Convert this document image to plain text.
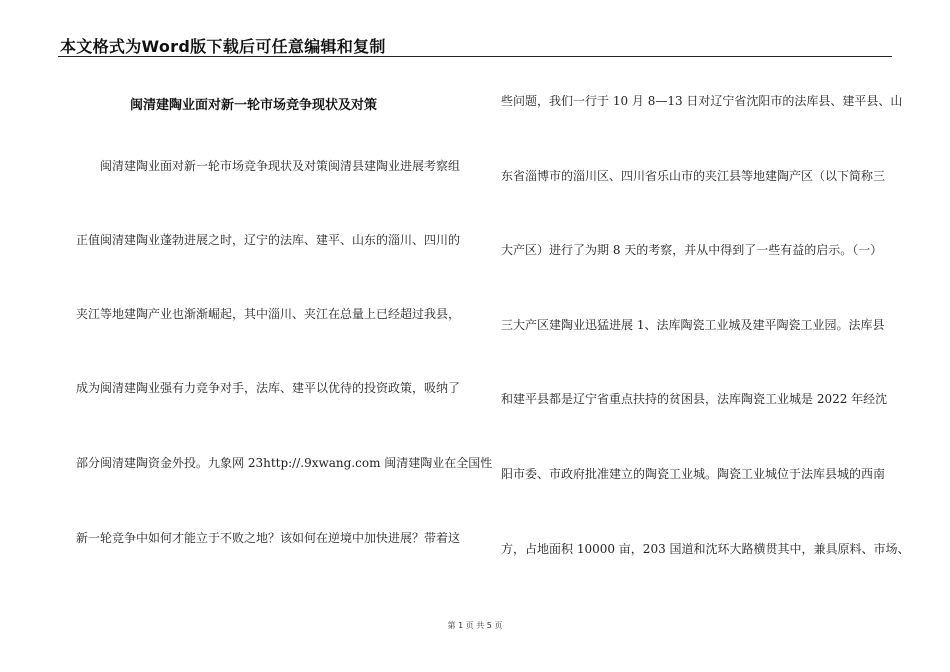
本文格式为Word版下载后可任意编辑和复制
闽清建陶业面对新一轮市场竞争现状及对策
闽清建陶业面对新一轮市场竞争现状及对策闽清县建陶业进展考察组
正值闽清建陶业蓬勃进展之时，辽宁的法库、建平、山东的淄川、四川的
夹江等地建陶产业也渐渐崛起，其中淄川、夹江在总量上已经超过我县，
成为闽清建陶业强有力竞争对手，法库、建平以优待的投资政策，吸纳了
部分闽清建陶资金外投。九象网 23http://.9xwang.com 闽清建陶业在全国性
新一轮竞争中如何才能立于不败之地？该如何在逆境中加快进展？带着这
些问题，我们一行于 10 月 8—13 日对辽宁省沈阳市的法库县、建平县、山
东省淄博市的淄川区、四川省乐山市的夹江县等地建陶产区（以下简称三
大产区）进行了为期 8 天的考察，并从中得到了一些有益的启示。（一）
三大产区建陶业迅猛进展 1、法库陶瓷工业城及建平陶瓷工业园。法库县
和建平县都是辽宁省重点扶持的贫困县，法库陶瓷工业城是 2022 年经沈
阳市委、市政府批准建立的陶瓷工业城。陶瓷工业城位于法库县城的西南
方，占地面积 10000 亩，203 国道和沈环大路横贯其中，兼具原料、市场、
第 1 页 共 5 页
